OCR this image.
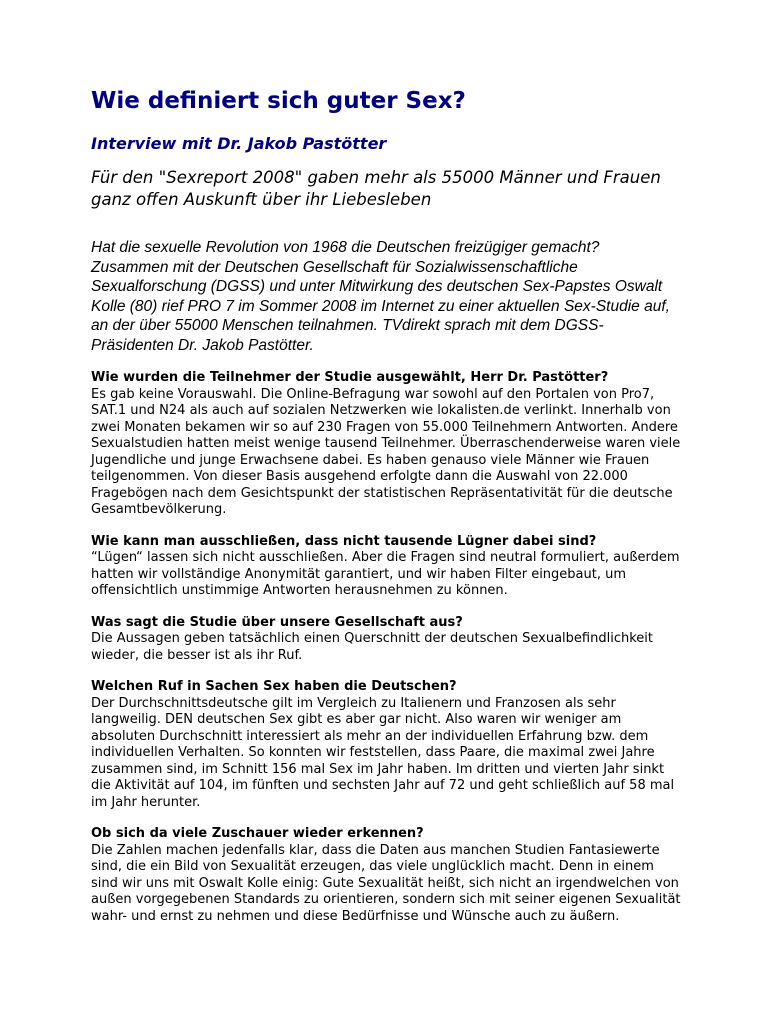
Wie definiert sich guter Sex?
Interview mit Dr. Jakob Pastötter

Für den "Sexreport 2008" gaben mehr als 55000 Männer und Frauen ganz offen Auskunft über ihr Liebesleben

Hat die sexuelle Revolution von 1968 die Deutschen freizügiger gemacht? Zusammen mit der Deutschen Gesellschaft für Sozialwissenschaftliche Sexualforschung (DGSS) und unter Mitwirkung des deutschen Sex-Papstes Oswalt Kolle (80) rief PRO 7 im Sommer 2008 im Internet zu einer aktuellen Sex-Studie auf, an der über 55000 Menschen teilnahmen. TVdirekt sprach mit dem DGSS-Präsidenten Dr. Jakob Pastötter.

Wie wurden die Teilnehmer der Studie ausgewählt, Herr Dr. Pastötter?

Es gab keine Vorauswahl. Die Online-Befragung war sowohl auf den Portalen von Pro7, SAT.1 und N24 als auch auf sozialen Netzwerken wie lokalisten.de verlinkt. Innerhalb von zwei Monaten bekamen wir so auf 230 Fragen von 55.000 Teilnehmern Antworten. Andere Sexualstudien hatten meist wenige tausend Teilnehmer. Überraschenderweise waren viele Jugendliche und junge Erwachsene dabei. Es haben genauso viele Männer wie Frauen teilgenommen. Von dieser Basis ausgehend erfolgte dann die Auswahl von 22.000 Fragebögen nach dem Gesichtspunkt der statistischen Repräsentativität für die deutsche Gesamtbevölkerung.

Wie kann man ausschließen, dass nicht tausende Lügner dabei sind?

“Lügen“ lassen sich nicht ausschließen. Aber die Fragen sind neutral formuliert, außerdem hatten wir vollständige Anonymität garantiert, und wir haben Filter eingebaut, um offensichtlich unstimmige Antworten herausnehmen zu können.

Was sagt die Studie über unsere Gesellschaft aus?

Die Aussagen geben tatsächlich einen Querschnitt der deutschen Sexualbefindlichkeit wieder, die besser ist als ihr Ruf.

Welchen Ruf in Sachen Sex haben die Deutschen?

Der Durchschnittsdeutsche gilt im Vergleich zu Italienern und Franzosen als sehr langweilig. DEN deutschen Sex gibt es aber gar nicht. Also waren wir weniger am absoluten Durchschnitt interessiert als mehr an der individuellen Erfahrung bzw. dem individuellen Verhalten. So konnten wir feststellen, dass Paare, die maximal zwei Jahre zusammen sind, im Schnitt 156 mal Sex im Jahr haben. Im dritten und vierten Jahr sinkt die Aktivität auf 104, im fünften und sechsten Jahr auf 72 und geht schließlich auf 58 mal im Jahr herunter.

Ob sich da viele Zuschauer wieder erkennen?

Die Zahlen machen jedenfalls klar, dass die Daten aus manchen Studien Fantasiewerte sind, die ein Bild von Sexualität erzeugen, das viele unglücklich macht. Denn in einem sind wir uns mit Oswalt Kolle einig: Gute Sexualität heißt, sich nicht an irgendwelchen von außen vorgegebenen Standards zu orientieren, sondern sich mit seiner eigenen Sexualität wahr- und ernst zu nehmen und diese Bedürfnisse und Wünsche auch zu äußern.
